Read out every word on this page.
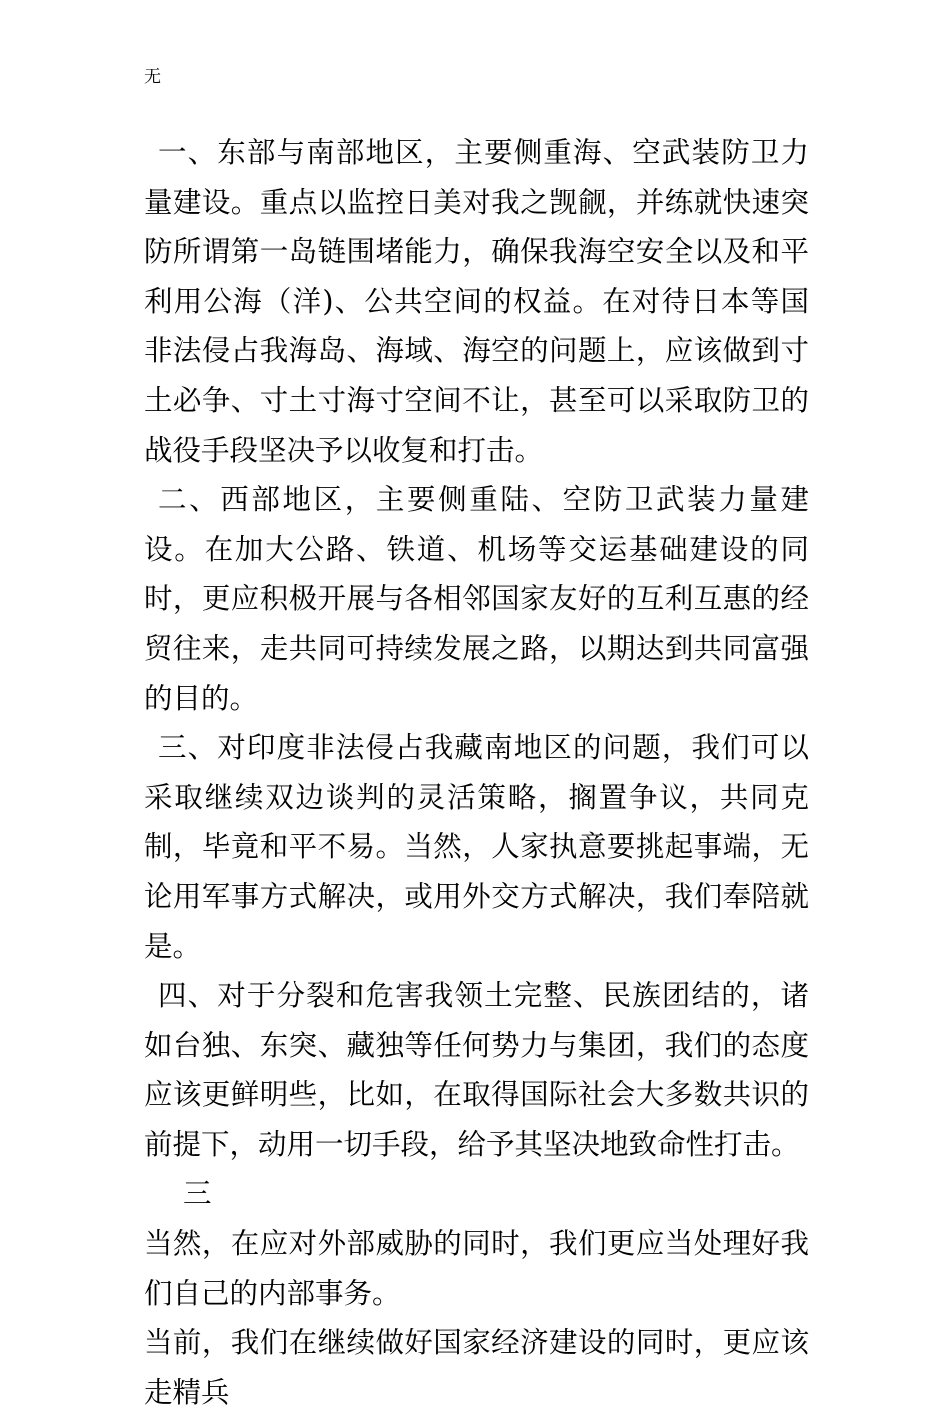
无

一、东部与南部地区，主要侧重海、空武装防卫力量建设。重点以监控日美对我之觊觎，并练就快速突防所谓第一岛链围堵能力，确保我海空安全以及和平利用公海（洋)、公共空间的权益。在对待日本等国非法侵占我海岛、海域、海空的问题上，应该做到寸土必争、寸土寸海寸空间不让，甚至可以采取防卫的战役手段坚决予以收复和打击。

二、西部地区，主要侧重陆、空防卫武装力量建设。在加大公路、铁道、机场等交运基础建设的同时，更应积极开展与各相邻国家友好的互利互惠的经贸往来，走共同可持续发展之路，以期达到共同富强的目的。

三、对印度非法侵占我藏南地区的问题，我们可以采取继续双边谈判的灵活策略，搁置争议，共同克制，毕竟和平不易。当然，人家执意要挑起事端，无论用军事方式解决，或用外交方式解决，我们奉陪就是。

四、对于分裂和危害我领土完整、民族团结的，诸如台独、东突、藏独等任何势力与集团，我们的态度应该更鲜明些，比如，在取得国际社会大多数共识的前提下，动用一切手段，给予其坚决地致命性打击。

三

当然，在应对外部威胁的同时，我们更应当处理好我们自己的内部事务。

当前，我们在继续做好国家经济建设的同时，更应该走精兵
